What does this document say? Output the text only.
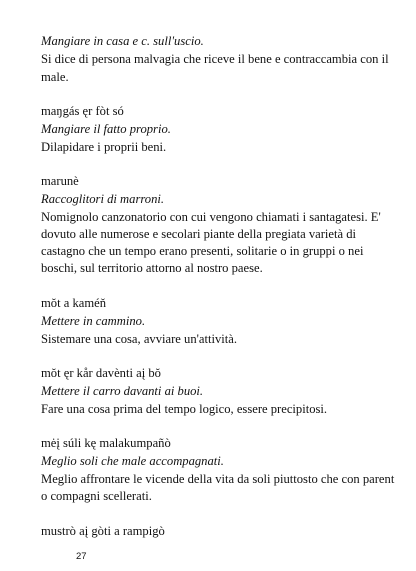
Mangiare in casa e c. sull'uscio.
Si dice di persona malvagia che riceve il bene e contraccambia con il
male.
maŋgás ęr fòt só
Mangiare il fatto proprio.
Dilapidare i proprii beni.
marunè
Raccoglitori di marroni.
Nomignolo canzonatorio con cui vengono chiamati i santagatesi. E'
dovuto alle numerose e secolari piante della pregiata varietà di
castagno che un tempo erano presenti, solitarie o in gruppi o nei
boschi, sul territorio attorno al nostro paese.
mŏt a kaméň
Mettere in cammino.
Sistemare una cosa, avviare un'attività.
mŏt ęr kår davènti aį bŏ
Mettere il carro davanti ai buoi.
Fare una cosa prima del tempo logico, essere precipitosi.
mėį súli kę malakumpañò
Meglio soli che male accompagnati.
Meglio affrontare le vicende della vita da soli piuttosto che con parent
o compagni scellerati.
mustrò aį gòti a rampigò
27
